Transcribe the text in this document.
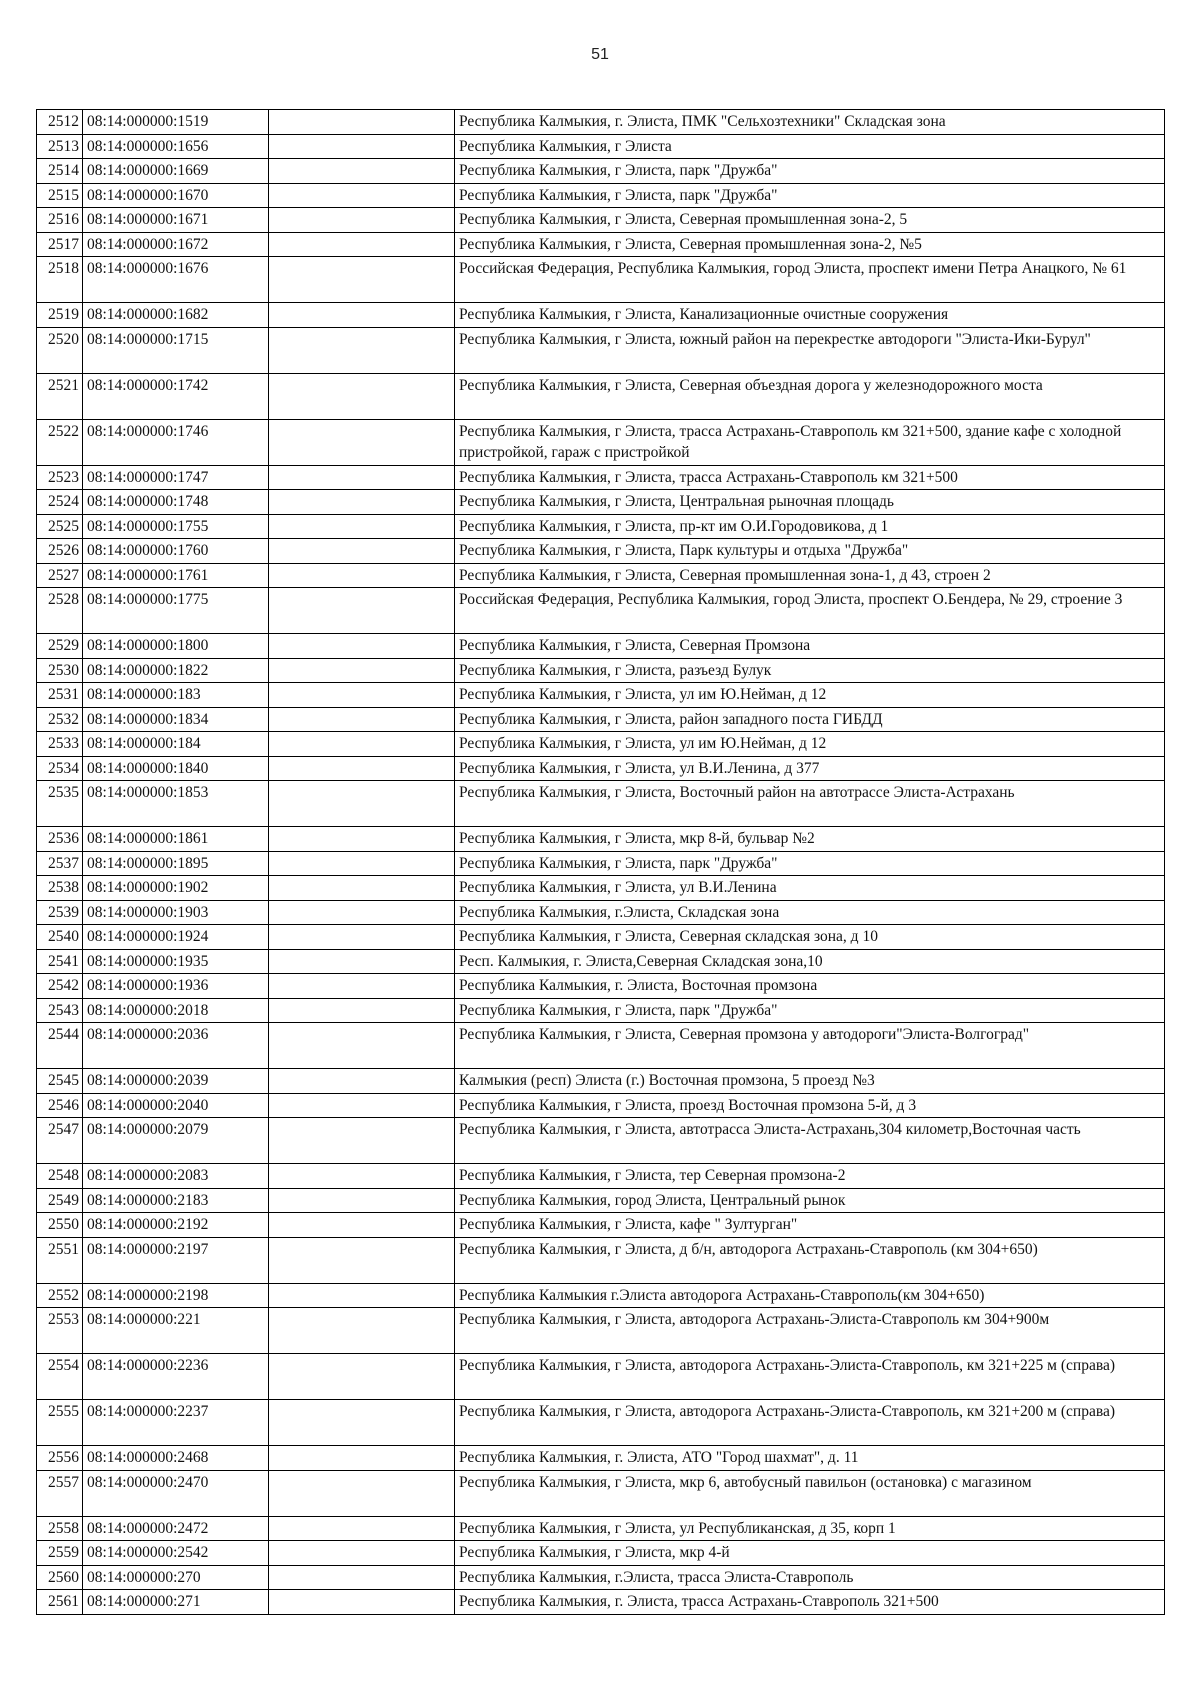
51
2512	08:14:000000:1519		Республика Калмыкия, г. Элиста, ПМК "Сельхозтехники" Складская зона
2513	08:14:000000:1656		Республика Калмыкия, г Элиста
2514	08:14:000000:1669		Республика Калмыкия, г Элиста, парк "Дружба"
2515	08:14:000000:1670		Республика Калмыкия, г Элиста, парк "Дружба"
2516	08:14:000000:1671		Республика Калмыкия, г Элиста, Северная промышленная зона-2, 5
2517	08:14:000000:1672		Республика Калмыкия, г Элиста, Северная промышленная зона-2, №5
2518	08:14:000000:1676		Российская Федерация, Республика Калмыкия, город Элиста, проспект имени Петра Анацкого, № 61
2519	08:14:000000:1682		Республика Калмыкия, г Элиста, Канализационные очистные сооружения
2520	08:14:000000:1715		Республика Калмыкия, г Элиста, южный район на перекрестке автодороги "Элиста-Ики-Бурул"
2521	08:14:000000:1742		Республика Калмыкия, г Элиста, Северная объездная дорога у железнодорожного моста
2522	08:14:000000:1746		Республика Калмыкия, г Элиста, трасса Астрахань-Ставрополь км 321+500, здание кафе с холодной пристройкой, гараж с пристройкой
2523	08:14:000000:1747		Республика Калмыкия, г Элиста, трасса Астрахань-Ставрополь км 321+500
2524	08:14:000000:1748		Республика Калмыкия, г Элиста, Центральная рыночная площадь
2525	08:14:000000:1755		Республика Калмыкия, г Элиста, пр-кт им О.И.Городовикова, д 1
2526	08:14:000000:1760		Республика Калмыкия, г Элиста, Парк культуры и отдыха "Дружба"
2527	08:14:000000:1761		Республика Калмыкия, г Элиста, Северная промышленная зона-1, д 43, строен 2
2528	08:14:000000:1775		Российская Федерация, Республика Калмыкия, город Элиста, проспект О.Бендера, № 29, строение 3
2529	08:14:000000:1800		Республика Калмыкия, г Элиста, Северная Промзона
2530	08:14:000000:1822		Республика Калмыкия, г Элиста, разъезд Булук
2531	08:14:000000:183		Республика Калмыкия, г Элиста, ул им Ю.Нейман, д 12
2532	08:14:000000:1834		Республика Калмыкия, г Элиста, район западного поста ГИБДД
2533	08:14:000000:184		Республика Калмыкия, г Элиста, ул им Ю.Нейман, д 12
2534	08:14:000000:1840		Республика Калмыкия, г Элиста, ул В.И.Ленина, д 377
2535	08:14:000000:1853		Республика Калмыкия, г Элиста, Восточный район на автотрассе Элиста-Астрахань
2536	08:14:000000:1861		Республика Калмыкия, г Элиста, мкр 8-й, бульвар №2
2537	08:14:000000:1895		Республика Калмыкия, г Элиста, парк "Дружба"
2538	08:14:000000:1902		Республика Калмыкия, г Элиста, ул В.И.Ленина
2539	08:14:000000:1903		Республика Калмыкия, г.Элиста, Складская зона
2540	08:14:000000:1924		Республика Калмыкия, г Элиста, Северная складская зона, д 10
2541	08:14:000000:1935		Респ. Калмыкия, г. Элиста,Северная Складская зона,10
2542	08:14:000000:1936		Республика Калмыкия, г. Элиста, Восточная промзона
2543	08:14:000000:2018		Республика Калмыкия, г Элиста, парк "Дружба"
2544	08:14:000000:2036		Республика Калмыкия, г Элиста, Северная промзона у автодороги"Элиста-Волгоград"
2545	08:14:000000:2039		Калмыкия (респ) Элиста (г.) Восточная промзона, 5 проезд №3
2546	08:14:000000:2040		Республика Калмыкия, г Элиста, проезд Восточная промзона 5-й, д 3
2547	08:14:000000:2079		Республика Калмыкия, г Элиста, автотрасса Элиста-Астрахань,304 километр,Восточная часть
2548	08:14:000000:2083		Республика Калмыкия, г Элиста, тер Северная промзона-2
2549	08:14:000000:2183		Республика Калмыкия, город Элиста, Центральный рынок
2550	08:14:000000:2192		Республика Калмыкия, г Элиста, кафе " Зултурган"
2551	08:14:000000:2197		Республика Калмыкия, г Элиста, д б/н, автодорога Астрахань-Ставрополь (км 304+650)
2552	08:14:000000:2198		Республика Калмыкия г.Элиста автодорога Астрахань-Ставрополь(км 304+650)
2553	08:14:000000:221		Республика Калмыкия, г Элиста, автодорога Астрахань-Элиста-Ставрополь км 304+900м
2554	08:14:000000:2236		Республика Калмыкия, г Элиста, автодорога Астрахань-Элиста-Ставрополь, км 321+225 м (справа)
2555	08:14:000000:2237		Республика Калмыкия, г Элиста, автодорога Астрахань-Элиста-Ставрополь, км 321+200 м (справа)
2556	08:14:000000:2468		Республика Калмыкия, г. Элиста, АТО "Город шахмат", д. 11
2557	08:14:000000:2470		Республика Калмыкия, г Элиста, мкр 6, автобусный павильон (остановка) с магазином
2558	08:14:000000:2472		Республика Калмыкия, г Элиста, ул Республиканская, д 35, корп 1
2559	08:14:000000:2542		Республика Калмыкия, г Элиста, мкр 4-й
2560	08:14:000000:270		Республика Калмыкия, г.Элиста, трасса Элиста-Ставрополь
2561	08:14:000000:271		Республика Калмыкия, г. Элиста, трасса Астрахань-Ставрополь 321+500
